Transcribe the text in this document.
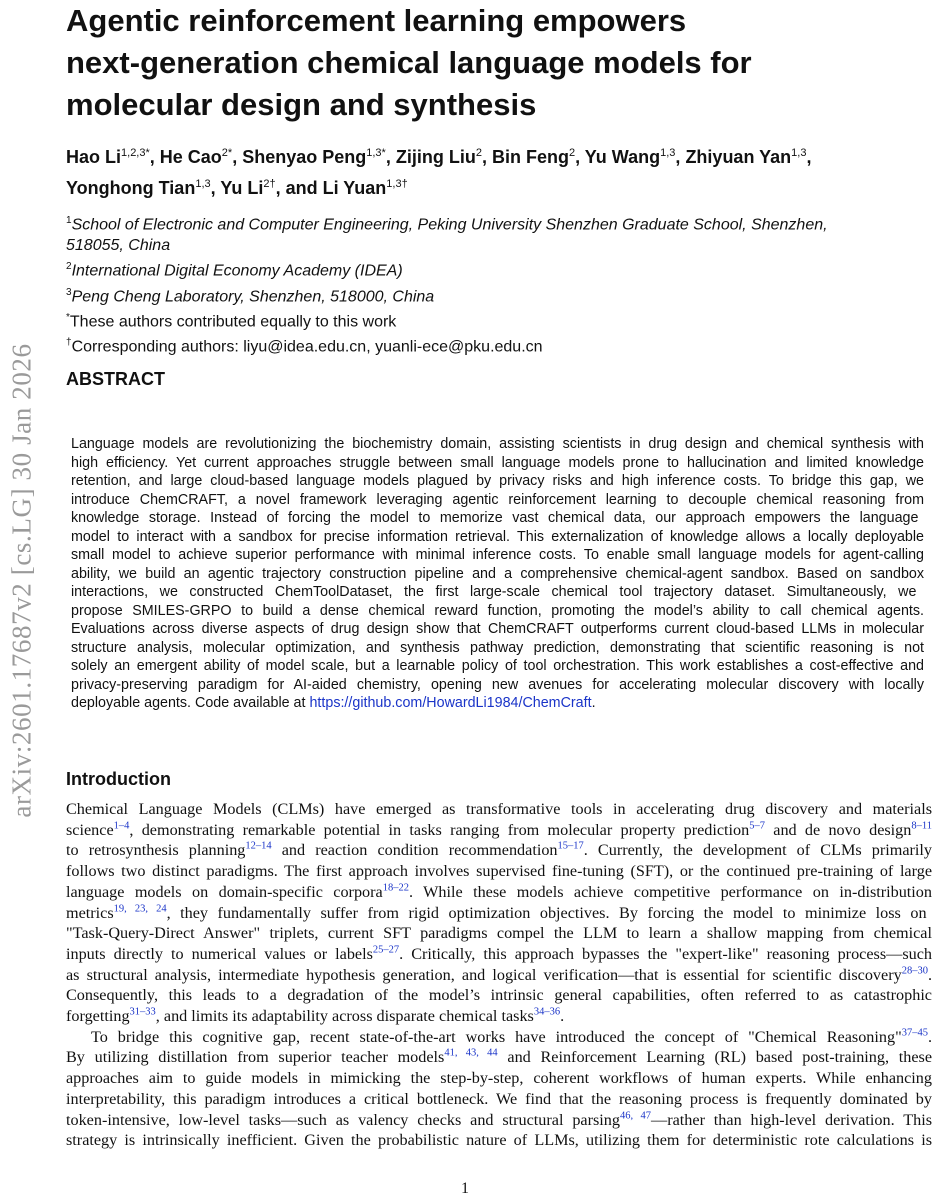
arXiv:2601.17687v2 [cs.LG] 30 Jan 2026
Agentic reinforcement learning empowers
next-generation chemical language models for
molecular design and synthesis
Hao $Li^{1,2,3*}$, He Cao$^{2*}$, Shenyao Peng$^{1,3*}$, Zijing Liu$^2$, Bin Feng$^2$, Yu Wang$^{1,3}$, Zhiyuan Yan$^{1,3}$,
Yonghong Tian$^{1,3}$, Yu $Li^{2\dagger}$, and Li Yuan$^{1,3\dagger}$
$^1$School of Electronic and Computer Engineering, Peking University Shenzhen Graduate School, Shenzhen,
518055, China
$^2$International Digital Economy Academy (IDEA)
$^3$Peng Cheng Laboratory, Shenzhen, 518000, China
*These authors contributed equally to this work
†Corresponding authors: liyu@idea.edu.cn, yuanli-ece@pku.edu.cn
ABSTRACT
Language models are revolutionizing the biochemistry domain, assisting scientists in drug design and chemical synthesis with
high efficiency. Yet current approaches struggle between small language models prone to hallucination and limited knowledge
retention, and large cloud-based language models plagued by privacy risks and high inference costs. To bridge this gap, we
introduce ChemCRAFT, a novel framework leveraging agentic reinforcement learning to decouple chemical reasoning from
knowledge storage. Instead of forcing the model to memorize vast chemical data, our approach empowers the language
model to interact with a sandbox for precise information retrieval. This externalization of knowledge allows a locally deployable
small model to achieve superior performance with minimal inference costs. To enable small language models for agent-calling
ability, we build an agentic trajectory construction pipeline and a comprehensive chemical-agent sandbox. Based on sandbox
interactions, we constructed ChemToolDataset, the first large-scale chemical tool trajectory dataset. Simultaneously, we
propose SMILES-GRPO to build a dense chemical reward function, promoting the model’s ability to call chemical agents.
Evaluations across diverse aspects of drug design show that ChemCRAFT outperforms current cloud-based LLMs in molecular
structure analysis, molecular optimization, and synthesis pathway prediction, demonstrating that scientific reasoning is not
solely an emergent ability of model scale, but a learnable policy of tool orchestration. This work establishes a cost-effective and
privacy-preserving paradigm for AI-aided chemistry, opening new avenues for accelerating molecular discovery with locally
deployable agents. Code available at https://github.com/HowardLi1984/ChemCraft.
Introduction
Chemical Language Models (CLMs) have emerged as transformative tools in accelerating drug discovery and materials
science$^{1-4}$, demonstrating remarkable potential in tasks ranging from molecular property prediction$^{5-7}$ and de novo design$^{8-11}$
to retrosynthesis planning$^{12-14}$ and reaction condition recommendation$^{15-17}$. Currently, the development of CLMs primarily
follows two distinct paradigms. The first approach involves supervised fine-tuning (SFT), or the continued pre-training of large
language models on domain-specific corpora$^{18-22}$. While these models achieve competitive performance on in-distribution
metrics$^{19, 23, 24}$, they fundamentally suffer from rigid optimization objectives. By forcing the model to minimize loss on
"Task-Query-Direct Answer" triplets, current SFT paradigms compel the LLM to learn a shallow mapping from chemical
inputs directly to numerical values or labels$^{25-27}$. Critically, this approach bypasses the "expert-like" reasoning process—such
as structural analysis, intermediate hypothesis generation, and logical verification—that is essential for scientific discovery$^{28-30}$.
Consequently, this leads to a degradation of the model’s intrinsic general capabilities, often referred to as catastrophic
forgetting$^{31-33}$, and limits its adaptability across disparate chemical tasks$^{34-36}$.
To bridge this cognitive gap, recent state-of-the-art works have introduced the concept of "Chemical Reasoning"$^{37-45}$.
By utilizing distillation from superior teacher models$^{41, 43, 44}$ and Reinforcement Learning (RL) based post-training, these
approaches aim to guide models in mimicking the step-by-step, coherent workflows of human experts. While enhancing
interpretability, this paradigm introduces a critical bottleneck. We find that the reasoning process is frequently dominated by
token-intensive, low-level tasks—such as valency checks and structural parsing$^{46, 47}$—rather than high-level derivation. This
strategy is intrinsically inefficient. Given the probabilistic nature of LLMs, utilizing them for deterministic rote calculations is
1
